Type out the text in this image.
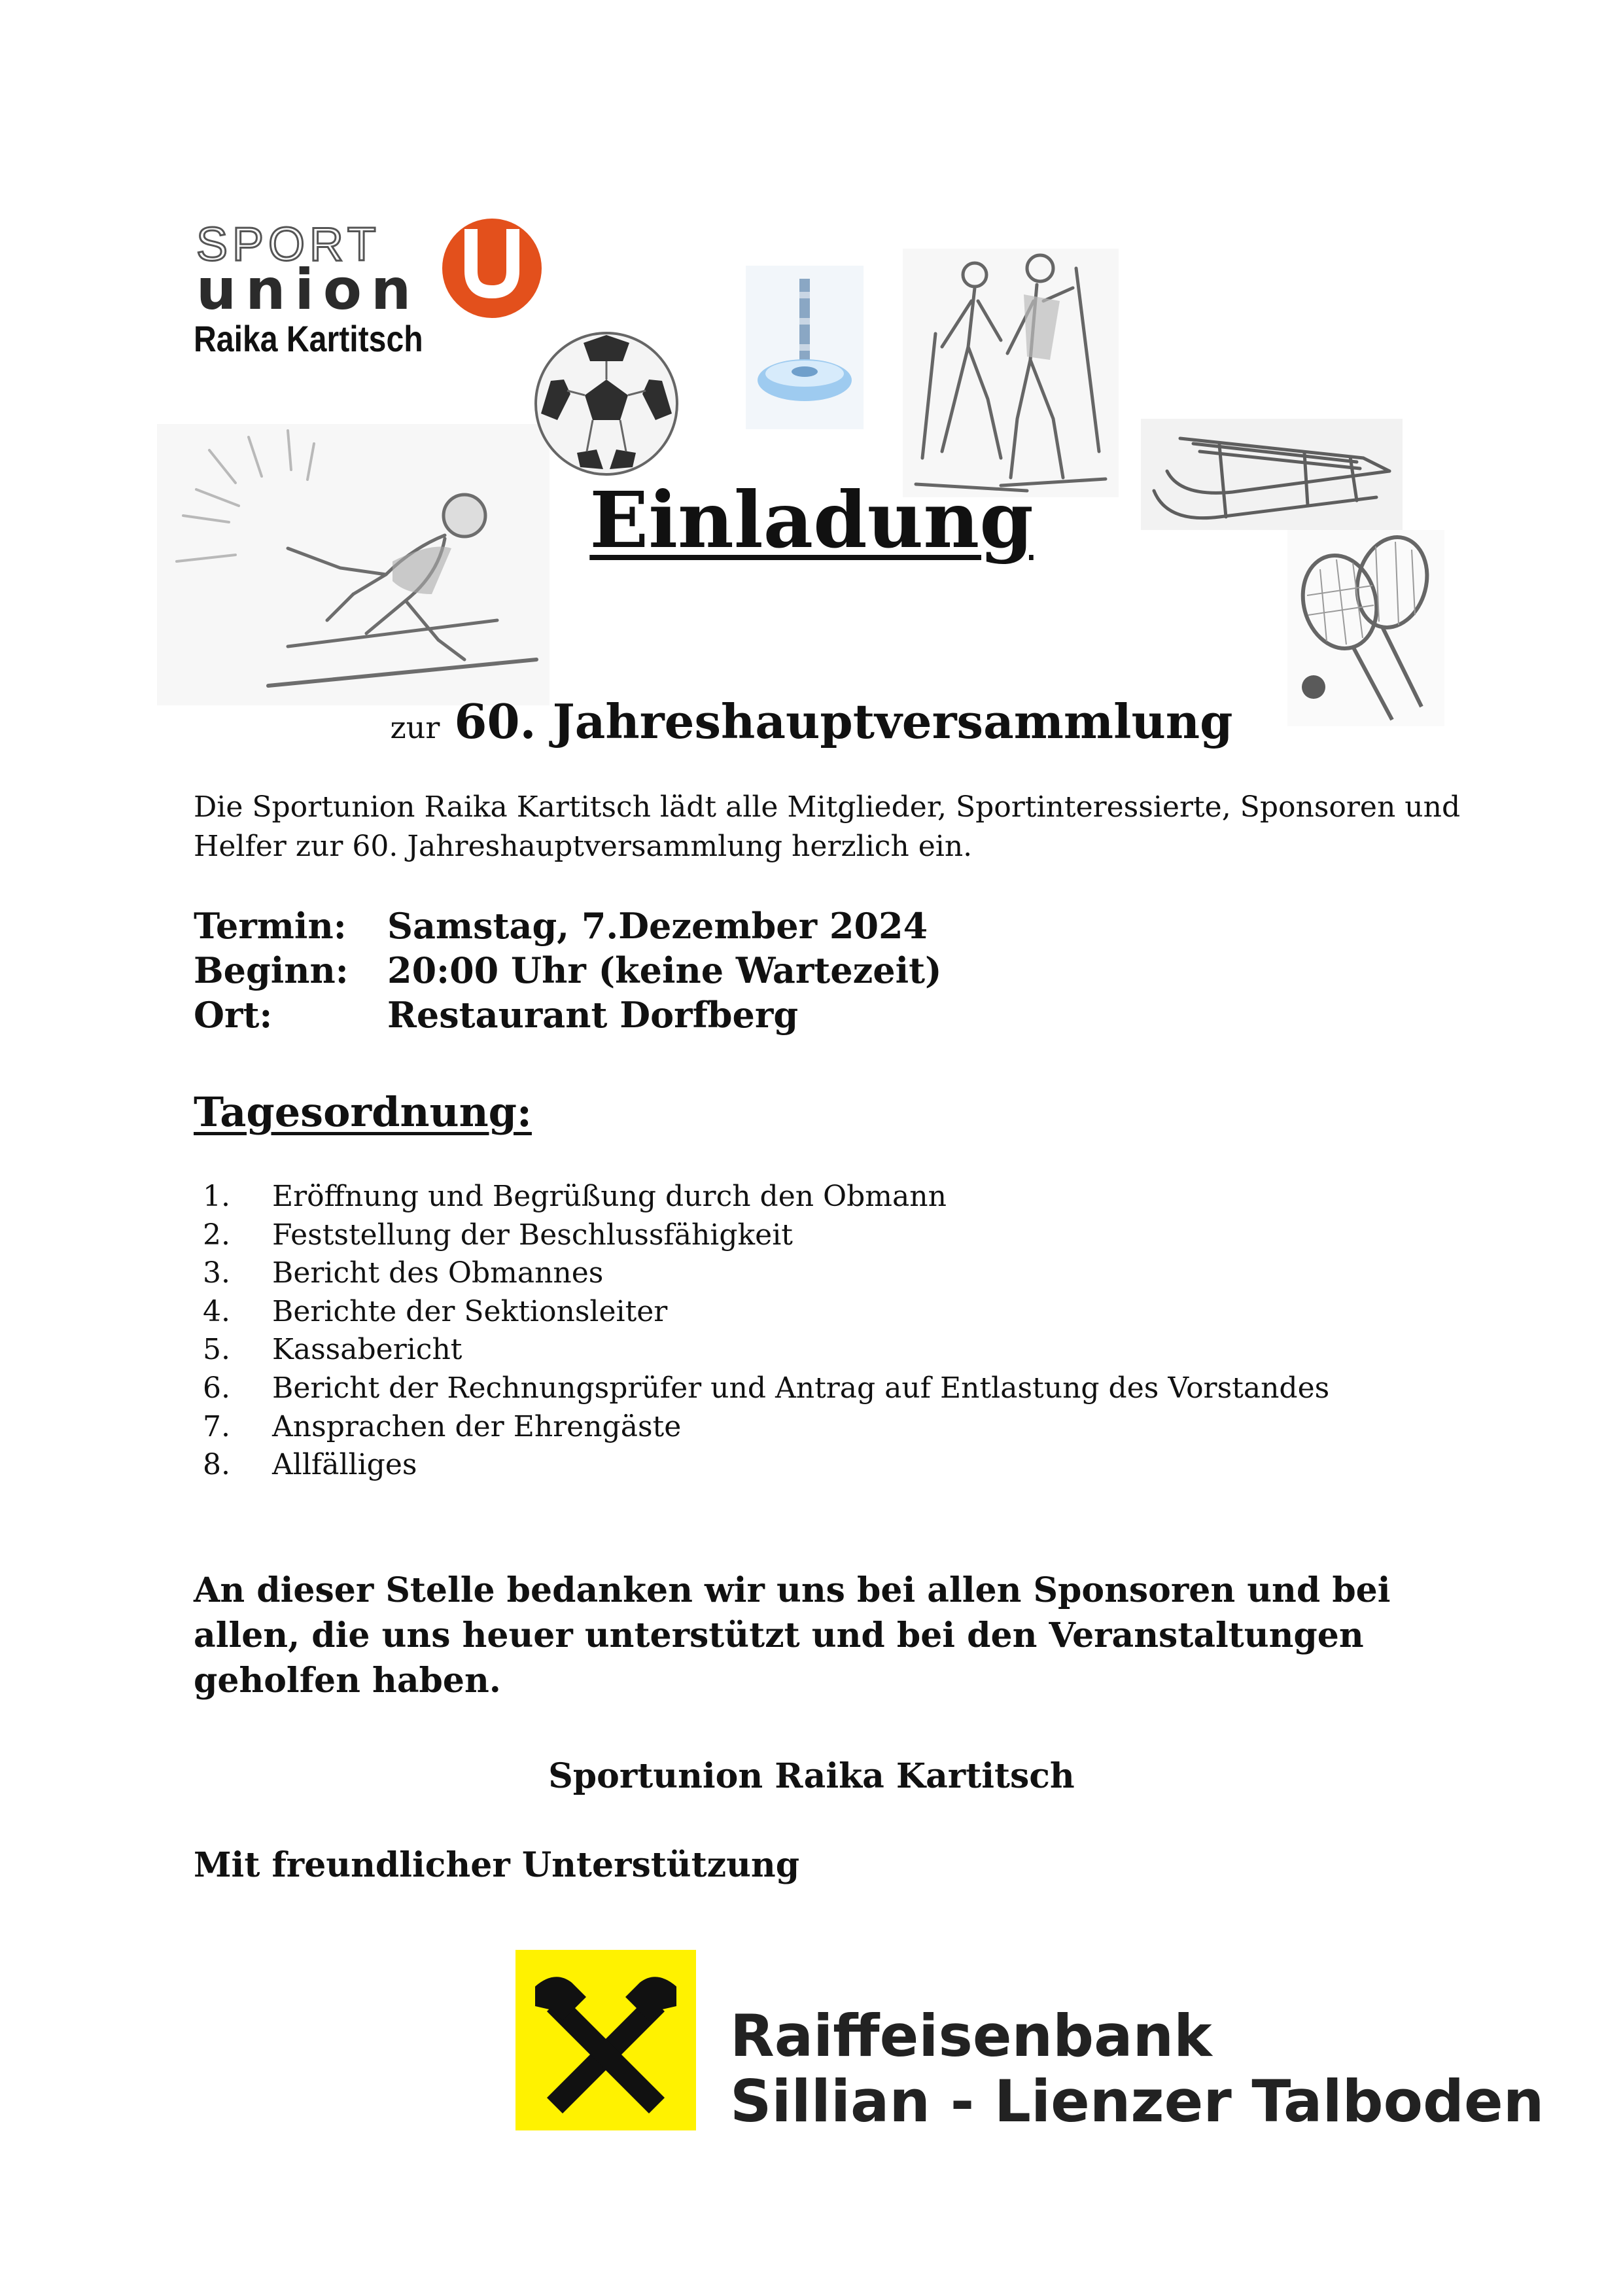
SPORT
union
Raika Kartitsch
Einladung
zur 60. Jahreshauptversammlung
Die Sportunion Raika Kartitsch lädt alle Mitglieder, Sportinteressierte, Sponsoren und Helfer zur 60. Jahreshauptversammlung herzlich ein.
Termin: Samstag, 7.Dezember 2024
Beginn: 20:00 Uhr (keine Wartezeit)
Ort:	Restaurant Dorfberg
Tagesordnung:
1. Eröffnung und Begrüßung durch den Obmann
2. Feststellung der Beschlussfähigkeit
3. Bericht des Obmannes
4. Berichte der Sektionsleiter
5. Kassabericht
6. Bericht der Rechnungsprüfer und Antrag auf Entlastung des Vorstandes
7. Ansprachen der Ehrengäste
8. Allfälliges
An dieser Stelle bedanken wir uns bei allen Sponsoren und bei allen, die uns heuer unterstützt und bei den Veranstaltungen geholfen haben.
Sportunion Raika Kartitsch
Mit freundlicher Unterstützung
Raiffeisenbank
Sillian - Lienzer Talboden
